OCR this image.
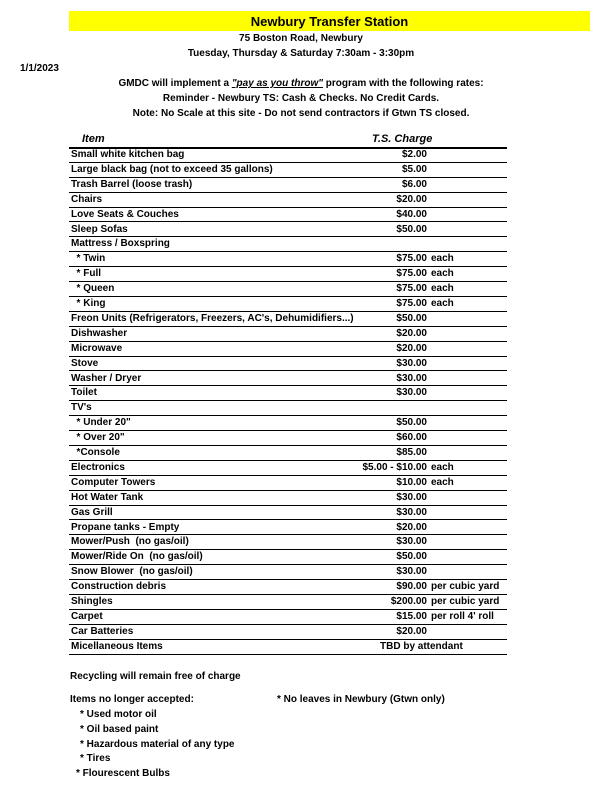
Newbury Transfer Station
75 Boston Road, Newbury
Tuesday, Thursday & Saturday 7:30am - 3:30pm
1/1/2023
GMDC will implement a "pay as you throw" program with the following rates:
Reminder - Newbury TS: Cash & Checks. No Credit Cards.
Note: No Scale at this site - Do not send contractors if Gtwn TS closed.
Item	T.S. Charge
Small white kitchen bag	$2.00
Large black bag (not to exceed 35 gallons)	$5.00
Trash Barrel (loose trash)	$6.00
Chairs	$20.00
Love Seats & Couches	$40.00
Sleep Sofas	$50.00
Mattress / Boxspring
* Twin	$75.00 each
* Full	$75.00 each
* Queen	$75.00 each
* King	$75.00 each
Freon Units (Refrigerators, Freezers, AC's, Dehumidifiers...)	$50.00
Dishwasher	$20.00
Microwave	$20.00
Stove	$30.00
Washer / Dryer	$30.00
Toilet	$30.00
TV's
* Under 20"	$50.00
* Over 20"	$60.00
*Console	$85.00
Electronics	$5.00 - $10.00 each
Computer Towers	$10.00 each
Hot Water Tank	$30.00
Gas Grill	$30.00
Propane tanks - Empty	$20.00
Mower/Push  (no gas/oil)	$30.00
Mower/Ride On  (no gas/oil)	$50.00
Snow Blower  (no gas/oil)	$30.00
Construction debris	$90.00 per cubic yard
Shingles	$200.00 per cubic yard
Carpet	$15.00 per roll 4' roll
Car Batteries	$20.00
Micellaneous Items	TBD by attendant
Recycling will remain free of charge
Items no longer accepted:	* No leaves in Newbury (Gtwn only)
* Used motor oil
* Oil based paint
* Hazardous material of any type
* Tires
* Flourescent Bulbs
